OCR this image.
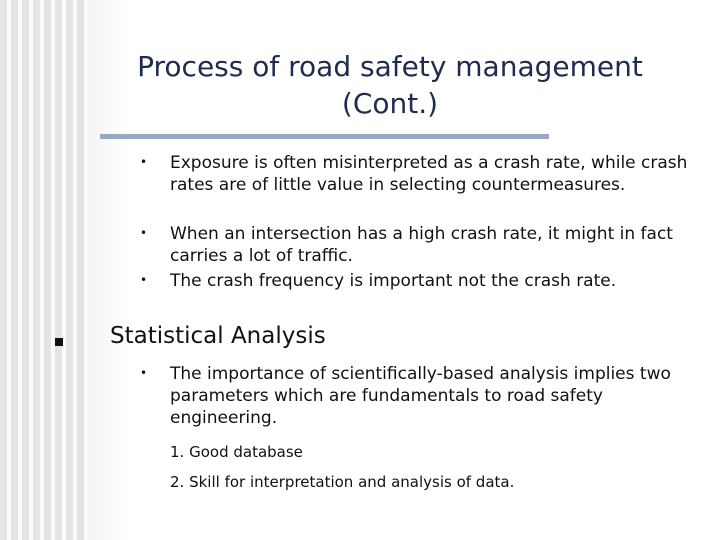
Process of road safety management
(Cont.)
• Exposure is often misinterpreted as a crash rate, while crash rates are of little value in selecting countermeasures.
• When an intersection has a high crash rate, it might in fact carries a lot of traffic.
• The crash frequency is important not the crash rate.
Statistical Analysis
• The importance of scientifically-based analysis implies two parameters which are fundamentals to road safety engineering.
1. Good database
2. Skill for interpretation and analysis of data.
